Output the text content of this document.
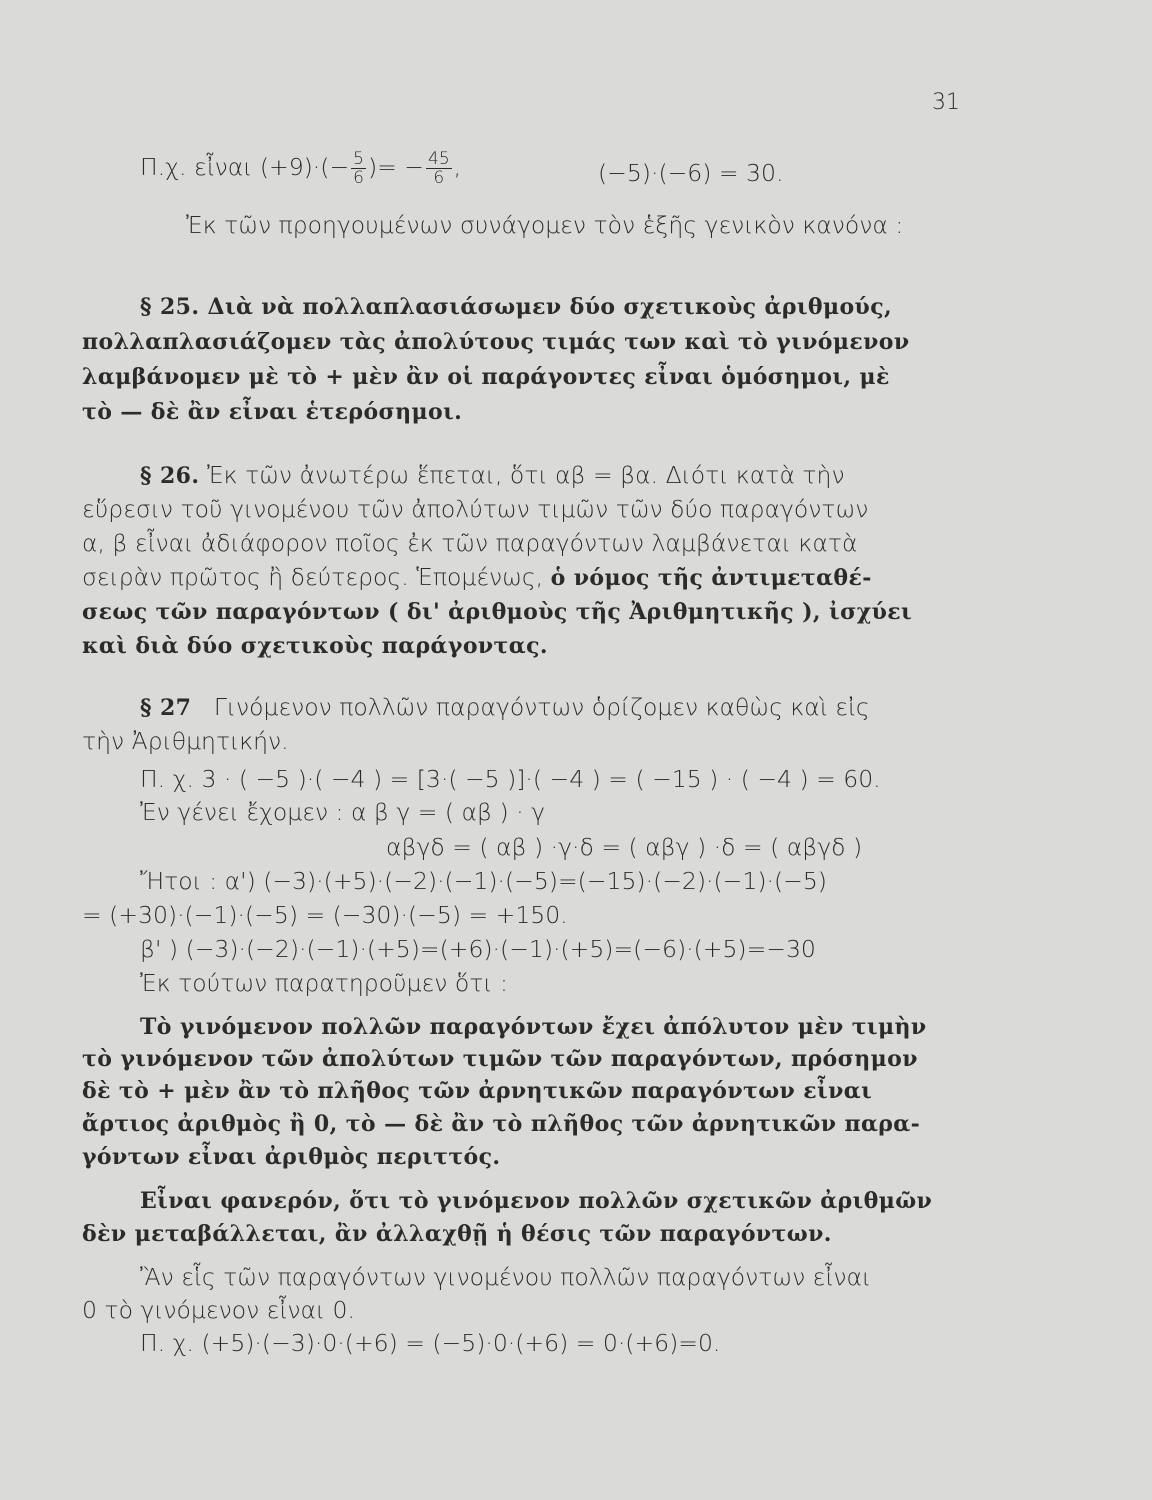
31
Π.χ. εἶναι $(+9)\cdot(- \frac{5}{6}$ )= − $\frac{45}{6}$ ,	(−5)·(−6) = 30.
Ἐκ τῶν προηγουμένων συνάγομεν τὸν ἑξῆς γενικὸν κανόνα :
§ 25. Διὰ νὰ πολλαπλασιάσωμεν δύο σχετικοὺς ἀριθμούς,
πολλαπλασιάζομεν τὰς ἀπολύτους τιμάς των καὶ τὸ γινόμενον
λαμβάνομεν μὲ τὸ + μὲν ἂν οἱ παράγοντες εἶναι ὁμόσημοι, μὲ
τὸ — δὲ ἂν εἶναι ἑτερόσημοι.
§ 26. Ἐκ τῶν ἀνωτέρω ἕπεται, ὅτι αβ = βα. Διότι κατὰ τὴν
εὕρεσιν τοῦ γινομένου τῶν ἀπολύτων τιμῶν τῶν δύο παραγόντων
α, β εἶναι ἀδιάφορον ποῖος ἐκ τῶν παραγόντων λαμβάνεται κατὰ
σειρὰν πρῶτος ἢ δεύτερος. Ἑπομένως, ὁ νόμος τῆς ἀντιμεταθέ-
σεως τῶν παραγόντων ( δι' ἀριθμοὺς τῆς Ἀριθμητικῆς ), ἰσχύει
καὶ διὰ δύο σχετικοὺς παράγοντας.
§ 27 Γινόμενον πολλῶν παραγόντων ὁρίζομεν καθὼς καὶ εἰς
τὴν Ἀριθμητικήν.
Π. χ. 3 · ( −5 )·( −4 ) = [3·( −5 )]·( −4 ) = ( −15 ) · ( −4 ) = 60.
Ἐν γένει ἔχομεν : α β γ = ( αβ ) · γ
αβγδ = ( αβ ) ·γ·δ = ( αβγ ) ·δ = ( αβγδ )
Ἤτοι : α') (−3)·(+5)·(−2)·(−1)·(−5)=(−15)·(−2)·(−1)·(−5)
= (+30)·(−1)·(−5) = (−30)·(−5) = +150.
β' ) (−3)·(−2)·(−1)·(+5)=(+6)·(−1)·(+5)=(−6)·(+5)=−30
Ἐκ τούτων παρατηροῦμεν ὅτι :
Τὸ γινόμενον πολλῶν παραγόντων ἔχει ἀπόλυτον μὲν τιμὴν
τὸ γινόμενον τῶν ἀπολύτων τιμῶν τῶν παραγόντων, πρόσημον
δὲ τὸ + μὲν ἂν τὸ πλῆθος τῶν ἀρνητικῶν παραγόντων εἶναι
ἄρτιος ἀριθμὸς ἢ 0, τὸ — δὲ ἂν τὸ πλῆθος τῶν ἀρνητικῶν παρα-
γόντων εἶναι ἀριθμὸς περιττός.
Εἶναι φανερόν, ὅτι τὸ γινόμενον πολλῶν σχετικῶν ἀριθμῶν
δὲν μεταβάλλεται, ἂν ἀλλαχθῇ ἡ θέσις τῶν παραγόντων.
Ἂν εἷς τῶν παραγόντων γινομένου πολλῶν παραγόντων εἶναι
0 τὸ γινόμενον εἶναι 0.
Π. χ. (+5)·(−3)·0·(+6) = (−5)·0·(+6) = 0·(+6)=0.
